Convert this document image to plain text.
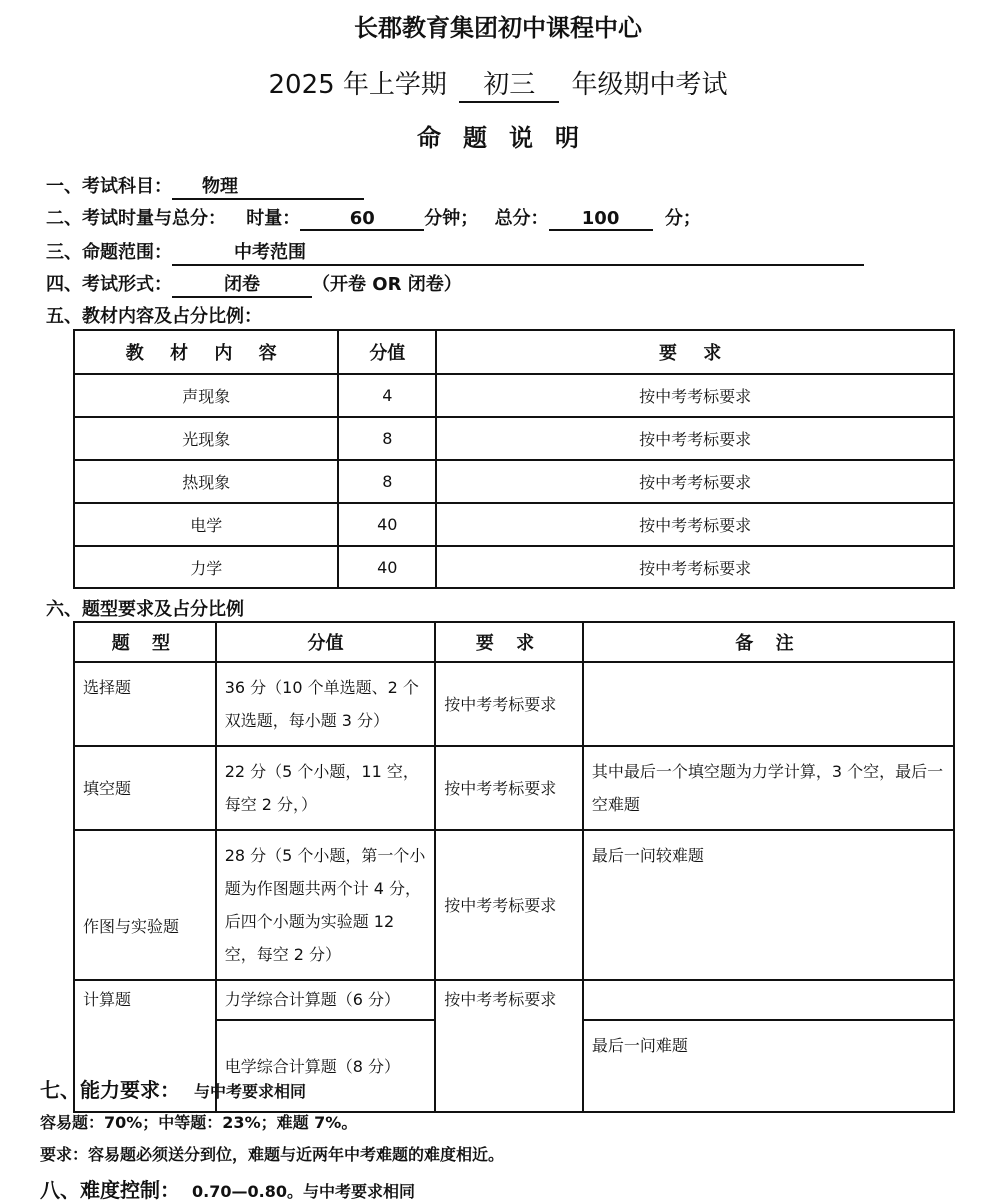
长郡教育集团初中课程中心
2025 年上学期 初三 年级期中考试
命题说明
一、考试科目： 物理
二、考试时量与总分： 时量：	60	分钟； 总分： 100	分；
三、命题范围：	中考范围
四、考试形式：	闭卷	（开卷 OR 闭卷）
五、教材内容及占分比例：
教 材 内 容	分值	要 求
声现象	4	按中考考标要求
光现象	8	按中考考标要求
热现象	8	按中考考标要求
电学	40	按中考考标要求
力学	40	按中考考标要求
六、题型要求及占分比例
题 型	分值	要 求	备 注
选择题	36 分（10 个单选题、2 个双选题，每小题 3 分）	按中考考标要求	
填空题	22 分（5 个小题，11 空，每空 2 分，）	按中考考标要求	其中最后一个填空题为力学计算，3 个空，最后一空难题
作图与实验题	28 分（5 个小题，第一个小题为作图题共两个计 4 分，后四个小题为实验题 12 空，每空 2 分）	按中考考标要求	最后一问较难题
计算题	力学综合计算题（6 分）	按中考考标要求	
	电学综合计算题（8 分）		最后一问难题
七、能力要求： 与中考要求相同
容易题：70%；中等题：23%；难题 7%。
要求：容易题必须送分到位，难题与近两年中考难题的难度相近。
八、难度控制： 0.70—0.80。与中考要求相同
